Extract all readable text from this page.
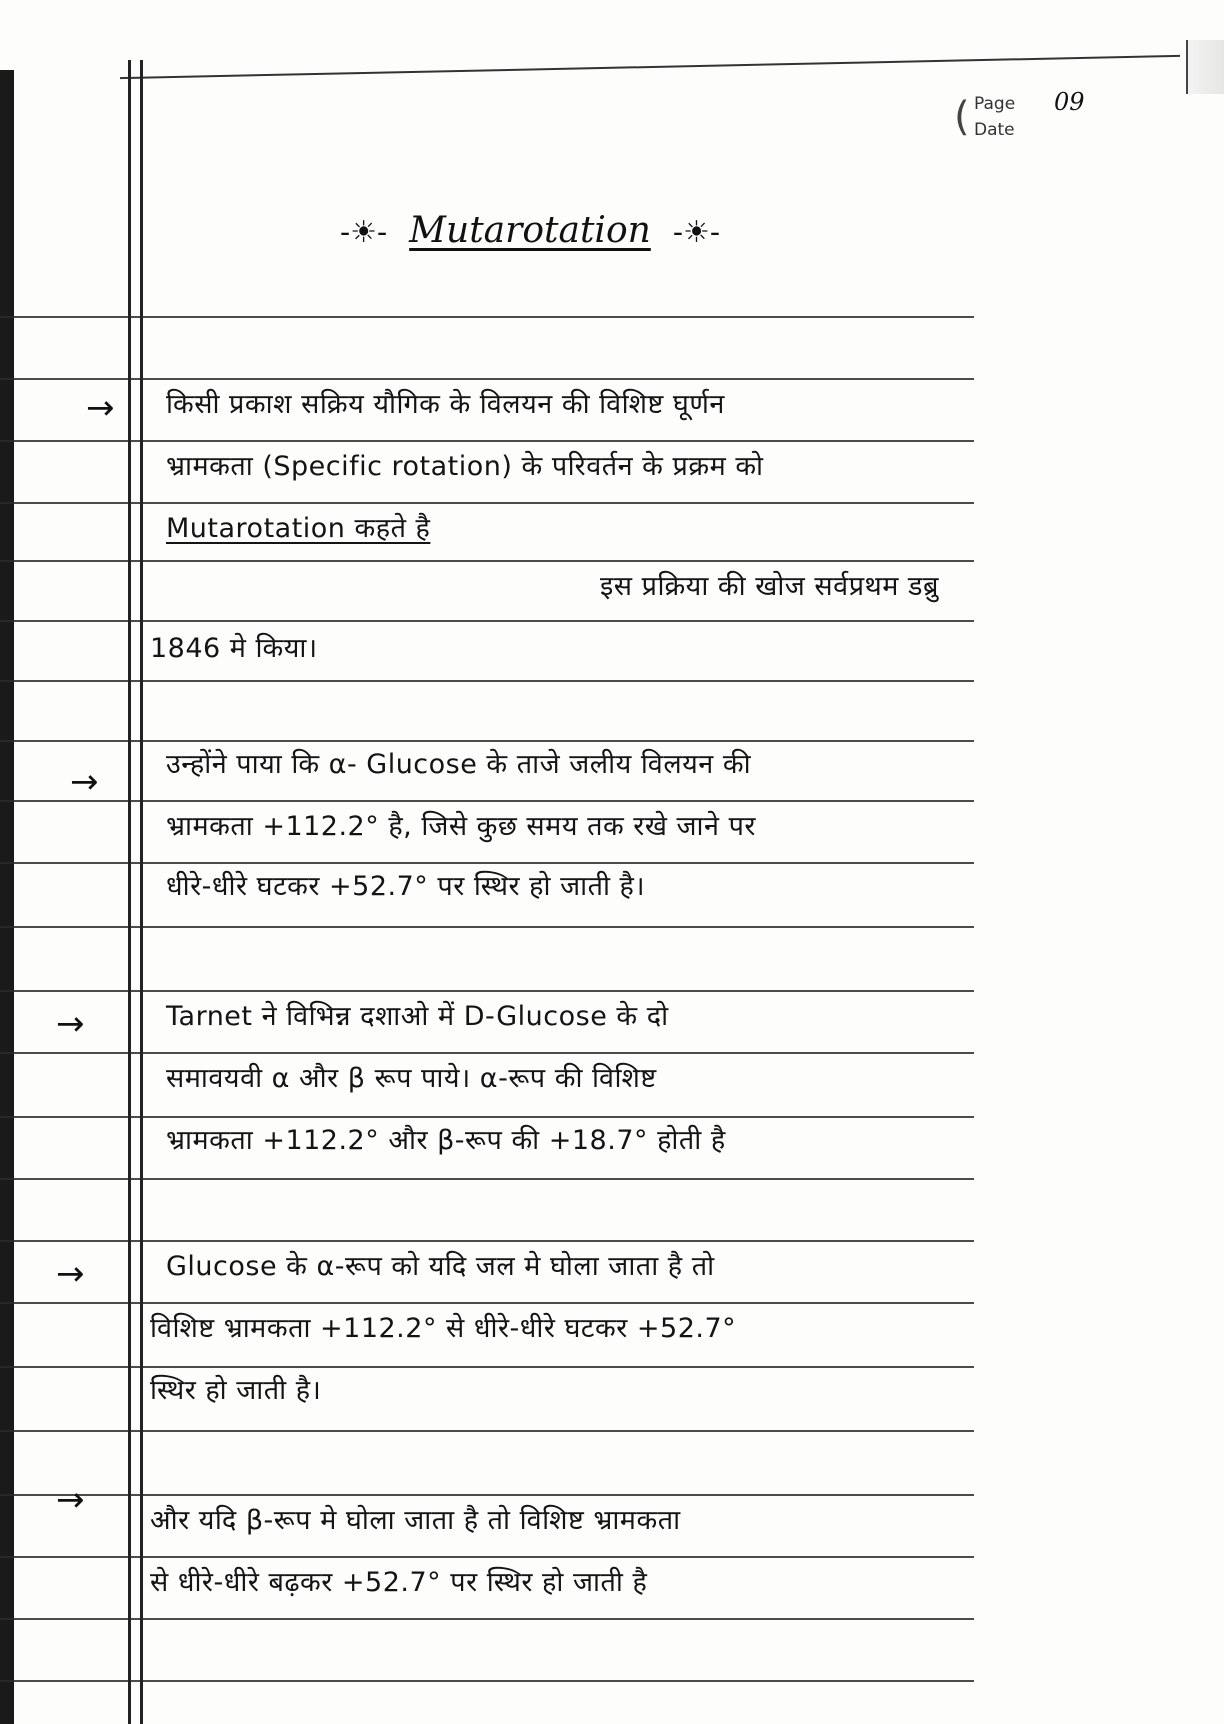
( Page
Date
09
-☀- Mutarotation -☀-
→ किसी प्रकाश सक्रिय यौगिक के विलयन की विशिष्ट घूर्णन
भ्रामकता (Specific rotation) के परिवर्तन के प्रक्रम को
Mutarotation कहते है
इस प्रक्रिया की खोज सर्वप्रथम डब्रु
1846 मे किया।
→	उन्होंने पाया कि α- Glucose के ताजे जलीय विलयन की
भ्रामकता +112.2° है, जिसे कुछ समय तक रखे जाने पर
धीरे-धीरे घटकर +52.7° पर स्थिर हो जाती है।
→	Tarnet ने विभिन्न दशाओ में D-Glucose के दो
समावयवी α और β रूप पाये। α-रूप की विशिष्ट
भ्रामकता +112.2° और β-रूप की +18.7° होती है
→	Glucose के α-रूप को यदि जल मे घोला जाता है तो
विशिष्ट भ्रामकता +112.2° से धीरे-धीरे घटकर +52.7°
स्थिर हो जाती है।
→
और यदि β-रूप मे घोला जाता है तो विशिष्ट भ्रामकता
से धीरे-धीरे बढ़कर +52.7° पर स्थिर हो जाती है
